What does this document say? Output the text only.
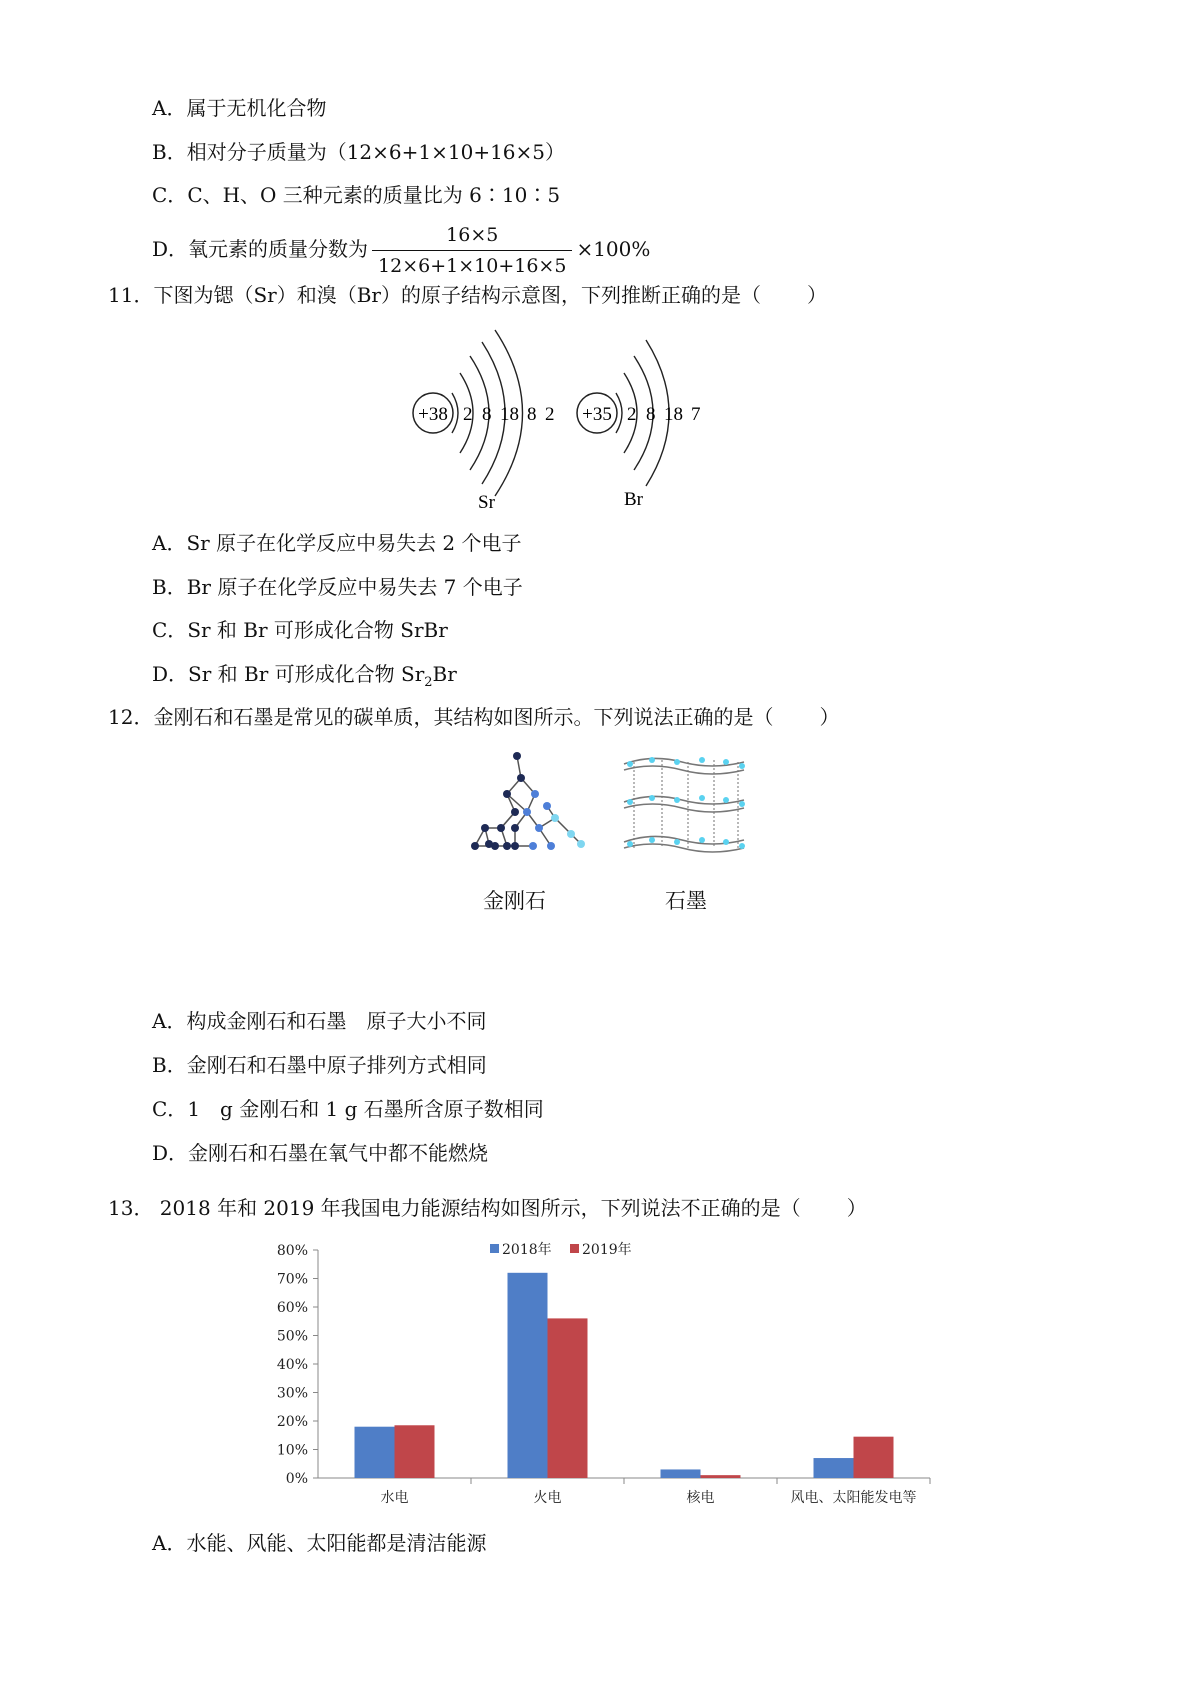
A．属于无机化合物
B．相对分子质量为（12×6+1×10+16×5）
C．C、H、O 三种元素的质量比为 6∶10∶5
D．氧元素的质量分数为 $\frac{16\times 5}{12\times 6+1\times 10+16\times 5} \times 100\%$
11．下图为锶（Sr）和溴（Br）的原子结构示意图，下列推断正确的是（ ）
+38 2 8 18 8 2
Sr
+35 2 8 18 7
Br
A．Sr 原子在化学反应中易失去 2 个电子
B．Br 原子在化学反应中易失去 7 个电子
C．Sr 和 Br 可形成化合物 SrBr
D．Sr 和 Br 可形成化合物 $Sr_2Br$
12．金刚石和石墨是常见的碳单质，其结构如图所示。下列说法正确的是（ ）
金刚石	石墨
A．构成金刚石和石墨　原子大小不同
B．金刚石和石墨中原子排列方式相同
C．1　g 金刚石和 1 g 石墨所含原子数相同
D．金刚石和石墨在氧气中都不能燃烧
13． 2018 年和 2019 年我国电力能源结构如图所示，下列说法不正确的是（ ）
0%
10%
20%
30%
40%
50%
60%
70%
80%
水电	火电	核电	风电、太阳能发电等
2018年 2019年
A．水能、风能、太阳能都是清洁能源
